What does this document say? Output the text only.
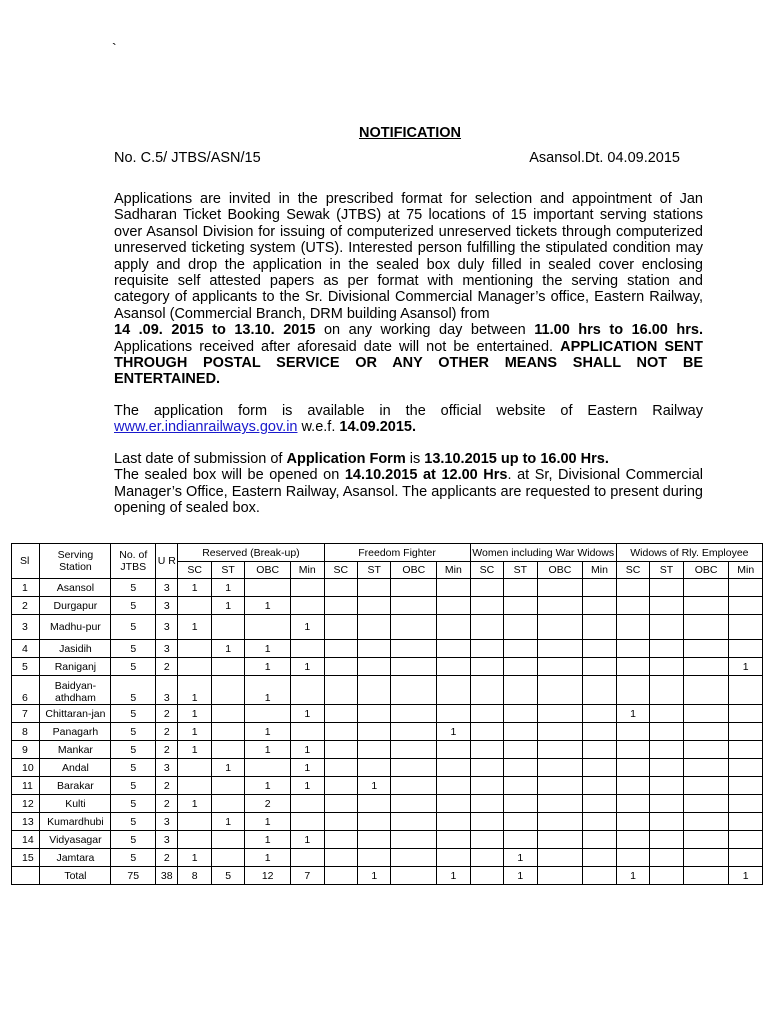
`
NOTIFICATION
No. C.5/ JTBS/ASN/15	Asansol.Dt. 04.09.2015

Applications are invited in the prescribed format for selection and appointment of Jan Sadharan Ticket Booking Sewak (JTBS) at 75 locations of 15 important serving stations over Asansol Division for issuing of computerized unreserved tickets through computerized unreserved ticketing system (UTS). Interested person fulfilling the stipulated condition may apply and drop the application in the sealed box duly filled in sealed cover enclosing requisite self attested papers as per format with mentioning the serving station and category of applicants to the Sr. Divisional Commercial Manager’s office, Eastern Railway, Asansol (Commercial Branch, DRM building Asansol) from
14 .09. 2015 to 13.10. 2015 on any working day between 11.00 hrs to 16.00 hrs. Applications received after aforesaid date will not be entertained. APPLICATION SENT THROUGH POSTAL SERVICE OR ANY OTHER MEANS SHALL NOT BE ENTERTAINED.

The application form is available in the official website of Eastern Railway www.er.indianrailways.gov.in w.e.f. 14.09.2015.

Last date of submission of Application Form is 13.10.2015 up to 16.00 Hrs.
The sealed box will be opened on 14.10.2015 at 12.00 Hrs. at Sr, Divisional Commercial Manager’s Office, Eastern Railway, Asansol. The applicants are requested to present during opening of sealed box.

Sl	Serving Station	No. of JTBS	U R	Reserved (Break-up)				Freedom Fighter				Women including War Widows				Widows of Rly. Employee			
				SC	ST	OBC	Min	SC	ST	OBC	Min	SC	ST	OBC	Min	SC	ST	OBC	Min
1	Asansol	5	3	1	1														
2	Durgapur	5	3		1	1													
3	Madhu-pur	5	3	1			1												
4	Jasidih	5	3		1	1													
5	Raniganj	5	2			1	1												1
6	Baidyan-athdham	5	3	1		1													
7	Chittaran-jan	5	2	1			1									1			
8	Panagarh	5	2	1		1					1								
9	Mankar	5	2	1		1	1												
10	Andal	5	3		1		1												
11	Barakar	5	2			1	1		1										
12	Kulti	5	2	1		2													
13	Kumardhubi	5	3		1	1													
14	Vidyasagar	5	3			1	1												
15	Jamtara	5	2	1		1							1						
	Total	75	38	8	5	12	7		1		1		1			1			1
